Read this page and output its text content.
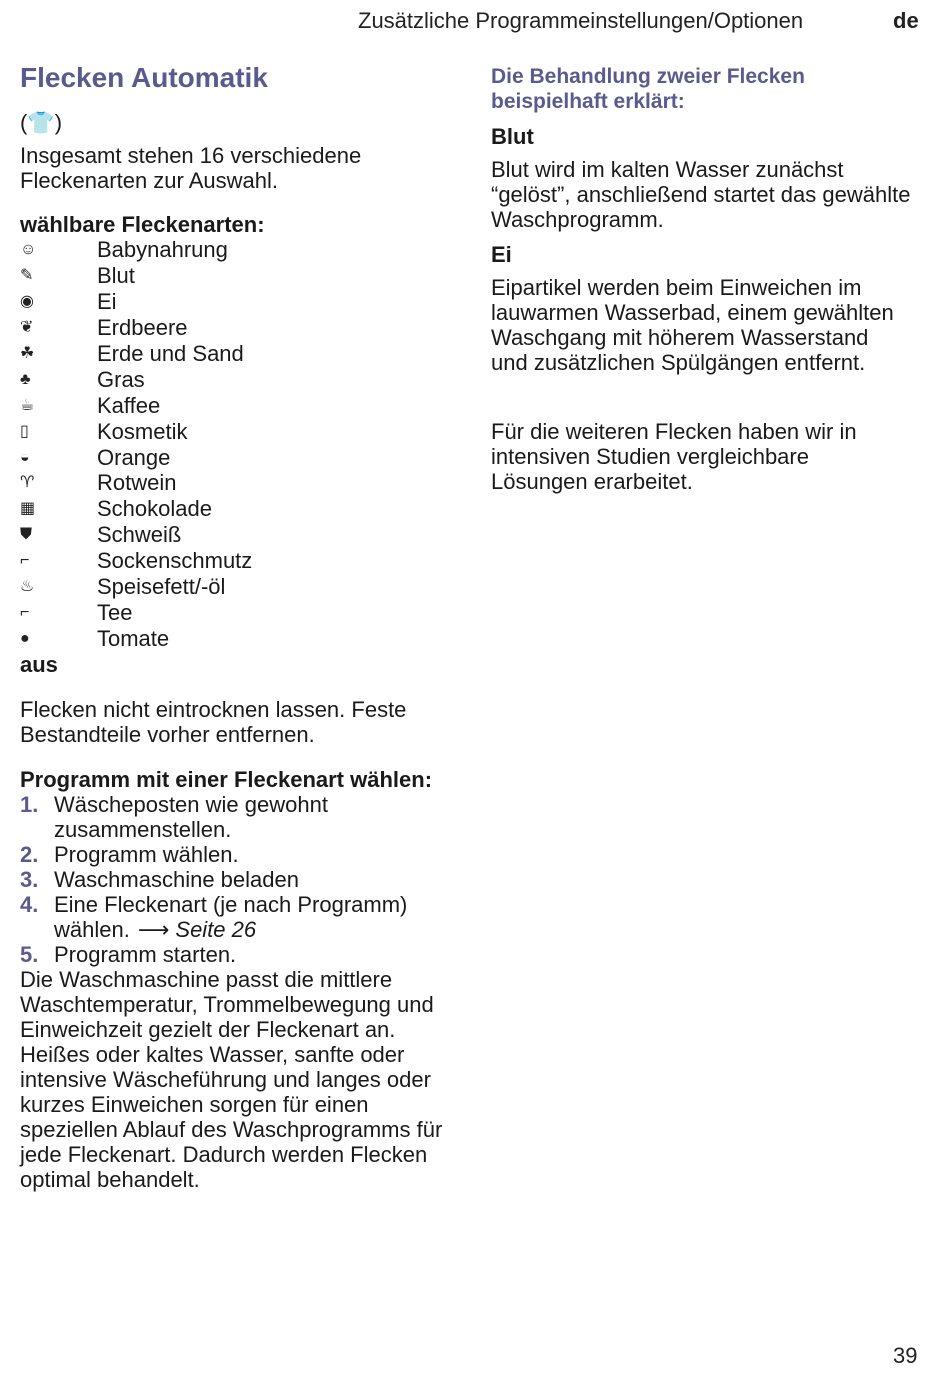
Zusätzliche Programmeinstellungen/Optionen	de
Flecken Automatik
(👕)

Insgesamt stehen 16 verschiedene Fleckenarten zur Auswahl.

wählbare Fleckenarten:

☺	Babynahrung
✎	Blut
◉	Ei
❦	Erdbeere
☘	Erde und Sand
♣	Gras
☕	Kaffee
▯	Kosmetik
◒	Orange
♈	Rotwein
▦	Schokolade
⛊	Schweiß
⌐	Sockenschmutz
♨	Speisefett/-öl
⌐	Tee
●	Tomate
aus

Flecken nicht eintrocknen lassen. Feste Bestandteile vorher entfernen.

Programm mit einer Fleckenart wählen:

1. Wäscheposten wie gewohnt zusammenstellen.
2. Programm wählen.
3. Waschmaschine beladen
4. Eine Fleckenart (je nach Programm) wählen. ⟶ Seite 26
5. Programm starten.

Die Waschmaschine passt die mittlere Waschtemperatur, Trommelbewegung und Einweichzeit gezielt der Fleckenart an. Heißes oder kaltes Wasser, sanfte oder intensive Wäscheführung und langes oder kurzes Einweichen sorgen für einen speziellen Ablauf des Waschprogramms für jede Fleckenart. Dadurch werden Flecken optimal behandelt.

Die Behandlung zweier Flecken beispielhaft erklärt:
Blut

Blut wird im kalten Wasser zunächst “gelöst”, anschließend startet das gewählte Waschprogramm.

Ei

Eipartikel werden beim Einweichen im lauwarmen Wasserbad, einem gewählten Waschgang mit höherem Wasserstand und zusätzlichen Spülgängen entfernt.

Für die weiteren Flecken haben wir in intensiven Studien vergleichbare Lösungen erarbeitet.

39
